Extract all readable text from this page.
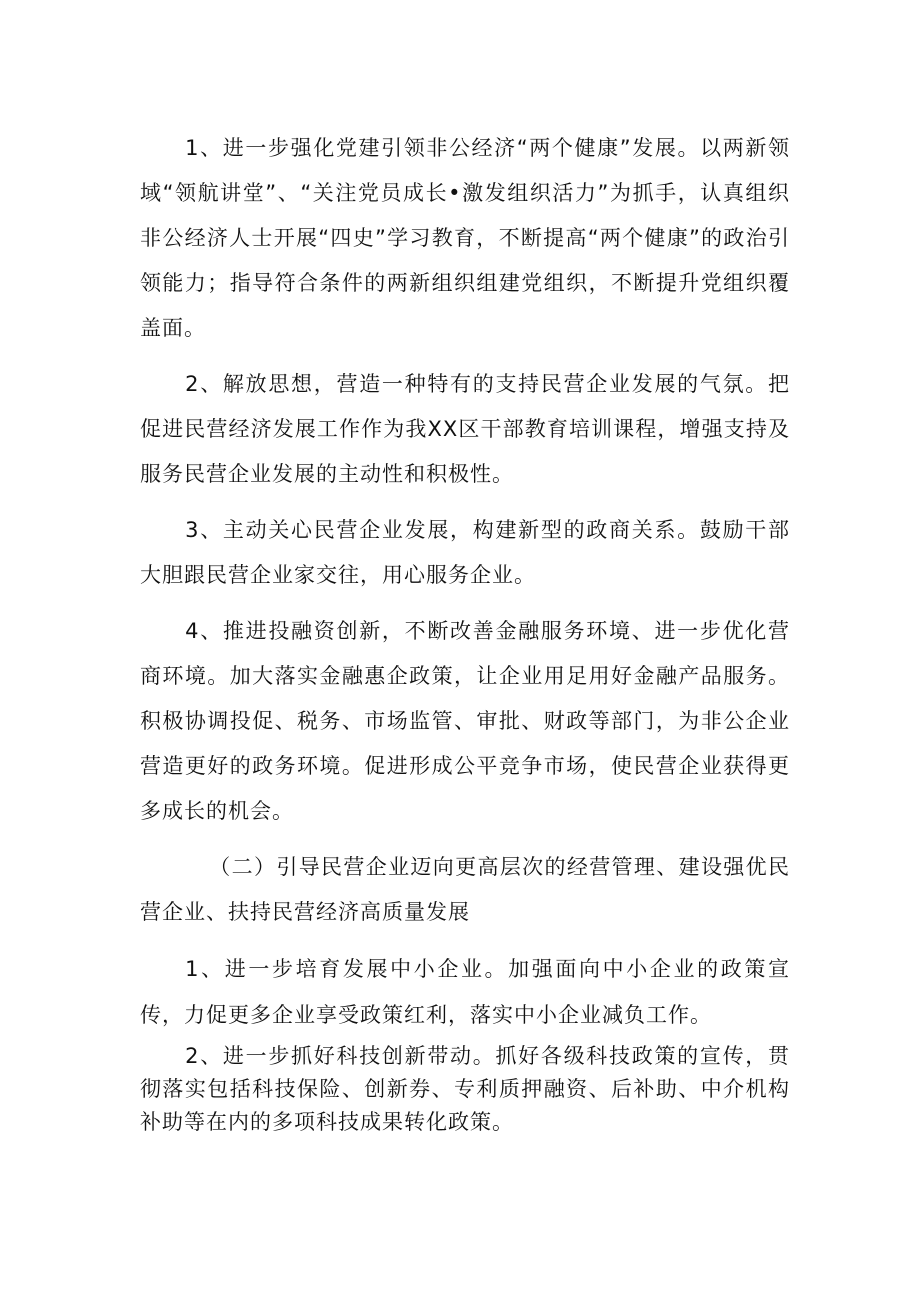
1、进一步强化党建引领非公经济“两个健康”发展。以两新领域“领航讲堂”、“关注党员成长•激发组织活力”为抓手，认真组织非公经济人士开展“四史”学习教育，不断提高“两个健康”的政治引领能力；指导符合条件的两新组织组建党组织，不断提升党组织覆盖面。

2、解放思想，营造一种特有的支持民营企业发展的气氛。把促进民营经济发展工作作为我XX区干部教育培训课程，增强支持及服务民营企业发展的主动性和积极性。

3、主动关心民营企业发展，构建新型的政商关系。鼓励干部大胆跟民营企业家交往，用心服务企业。

4、推进投融资创新，不断改善金融服务环境、进一步优化营商环境。加大落实金融惠企政策，让企业用足用好金融产品服务。积极协调投促、税务、市场监管、审批、财政等部门，为非公企业营造更好的政务环境。促进形成公平竞争市场，使民营企业获得更多成长的机会。

（二）引导民营企业迈向更高层次的经营管理、建设强优民营企业、扶持民营经济高质量发展

1、进一步培育发展中小企业。加强面向中小企业的政策宣传，力促更多企业享受政策红利，落实中小企业减负工作。

2、进一步抓好科技创新带动。抓好各级科技政策的宣传，贯彻落实包括科技保险、创新券、专利质押融资、后补助、中介机构补助等在内的多项科技成果转化政策。
